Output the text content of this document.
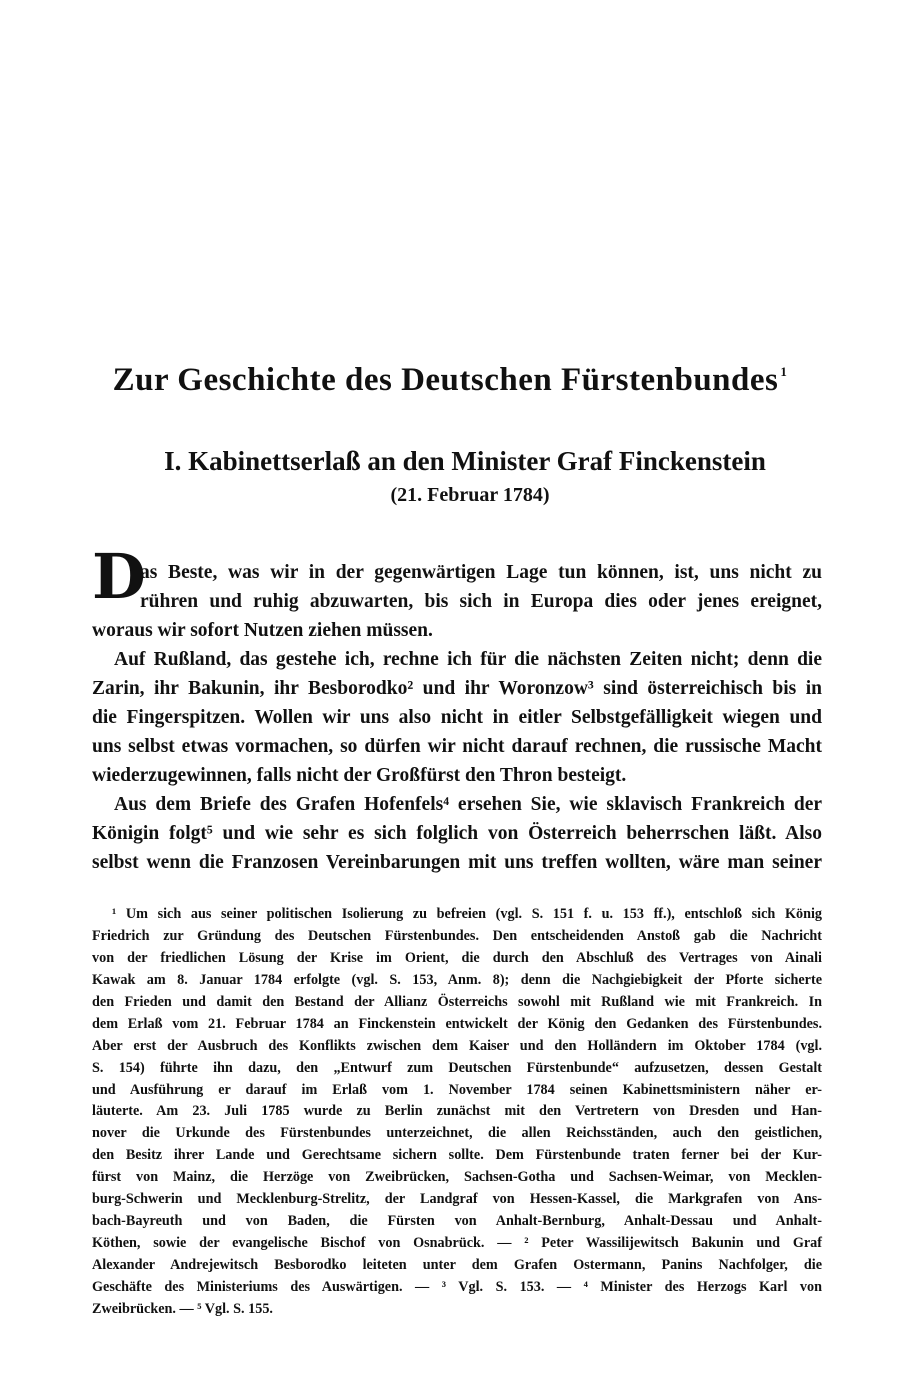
Zur Geschichte des Deutschen Fürstenbundes $^1$
I. Kabinettserlaß an den Minister Graf Finckenstein
(21. Februar 1784)
D
as Beste, was wir in der gegenwärtigen Lage tun können, ist, uns nicht zu
rühren und ruhig abzuwarten, bis sich in Europa dies oder jenes ereignet,
woraus wir sofort Nutzen ziehen müssen.
Auf Rußland, das gestehe ich, rechne ich für die nächsten Zeiten nicht; denn die
Zarin, ihr Bakunin, ihr Besborodko² und ihr Woronzow³ sind österreichisch bis in
die Fingerspitzen. Wollen wir uns also nicht in eitler Selbstgefälligkeit wiegen und
uns selbst etwas vormachen, so dürfen wir nicht darauf rechnen, die russische Macht
wiederzugewinnen, falls nicht der Großfürst den Thron besteigt.
Aus dem Briefe des Grafen Hofenfels⁴ ersehen Sie, wie sklavisch Frankreich der
Königin folgt⁵ und wie sehr es sich folglich von Österreich beherrschen läßt. Also
selbst wenn die Franzosen Vereinbarungen mit uns treffen wollten, wäre man seiner
¹ Um sich aus seiner politischen Isolierung zu befreien (vgl. S. 151 f. u. 153 ff.), entschloß sich König
Friedrich zur Gründung des Deutschen Fürstenbundes. Den entscheidenden Anstoß gab die Nachricht
von der friedlichen Lösung der Krise im Orient, die durch den Abschluß des Vertrages von Ainali
Kawak am 8. Januar 1784 erfolgte (vgl. S. 153, Anm. 8); denn die Nachgiebigkeit der Pforte sicherte
den Frieden und damit den Bestand der Allianz Österreichs sowohl mit Rußland wie mit Frankreich. In
dem Erlaß vom 21. Februar 1784 an Finckenstein entwickelt der König den Gedanken des Fürstenbundes.
Aber erst der Ausbruch des Konflikts zwischen dem Kaiser und den Holländern im Oktober 1784 (vgl.
S. 154) führte ihn dazu, den „Entwurf zum Deutschen Fürstenbunde“ aufzusetzen, dessen Gestalt
und Ausführung er darauf im Erlaß vom 1. November 1784 seinen Kabinettsministern näher er-
läuterte. Am 23. Juli 1785 wurde zu Berlin zunächst mit den Vertretern von Dresden und Han-
nover die Urkunde des Fürstenbundes unterzeichnet, die allen Reichsständen, auch den geistlichen,
den Besitz ihrer Lande und Gerechtsame sichern sollte. Dem Fürstenbunde traten ferner bei der Kur-
fürst von Mainz, die Herzöge von Zweibrücken, Sachsen-Gotha und Sachsen-Weimar, von Mecklen-
burg-Schwerin und Mecklenburg-Strelitz, der Landgraf von Hessen-Kassel, die Markgrafen von Ans-
bach-Bayreuth und von Baden, die Fürsten von Anhalt-Bernburg, Anhalt-Dessau und Anhalt-
Köthen, sowie der evangelische Bischof von Osnabrück. — ² Peter Wassilijewitsch Bakunin und Graf
Alexander Andrejewitsch Besborodko leiteten unter dem Grafen Ostermann, Panins Nachfolger, die
Geschäfte des Ministeriums des Auswärtigen. — ³ Vgl. S. 153. — ⁴ Minister des Herzogs Karl von
Zweibrücken. — ⁵ Vgl. S. 155.
